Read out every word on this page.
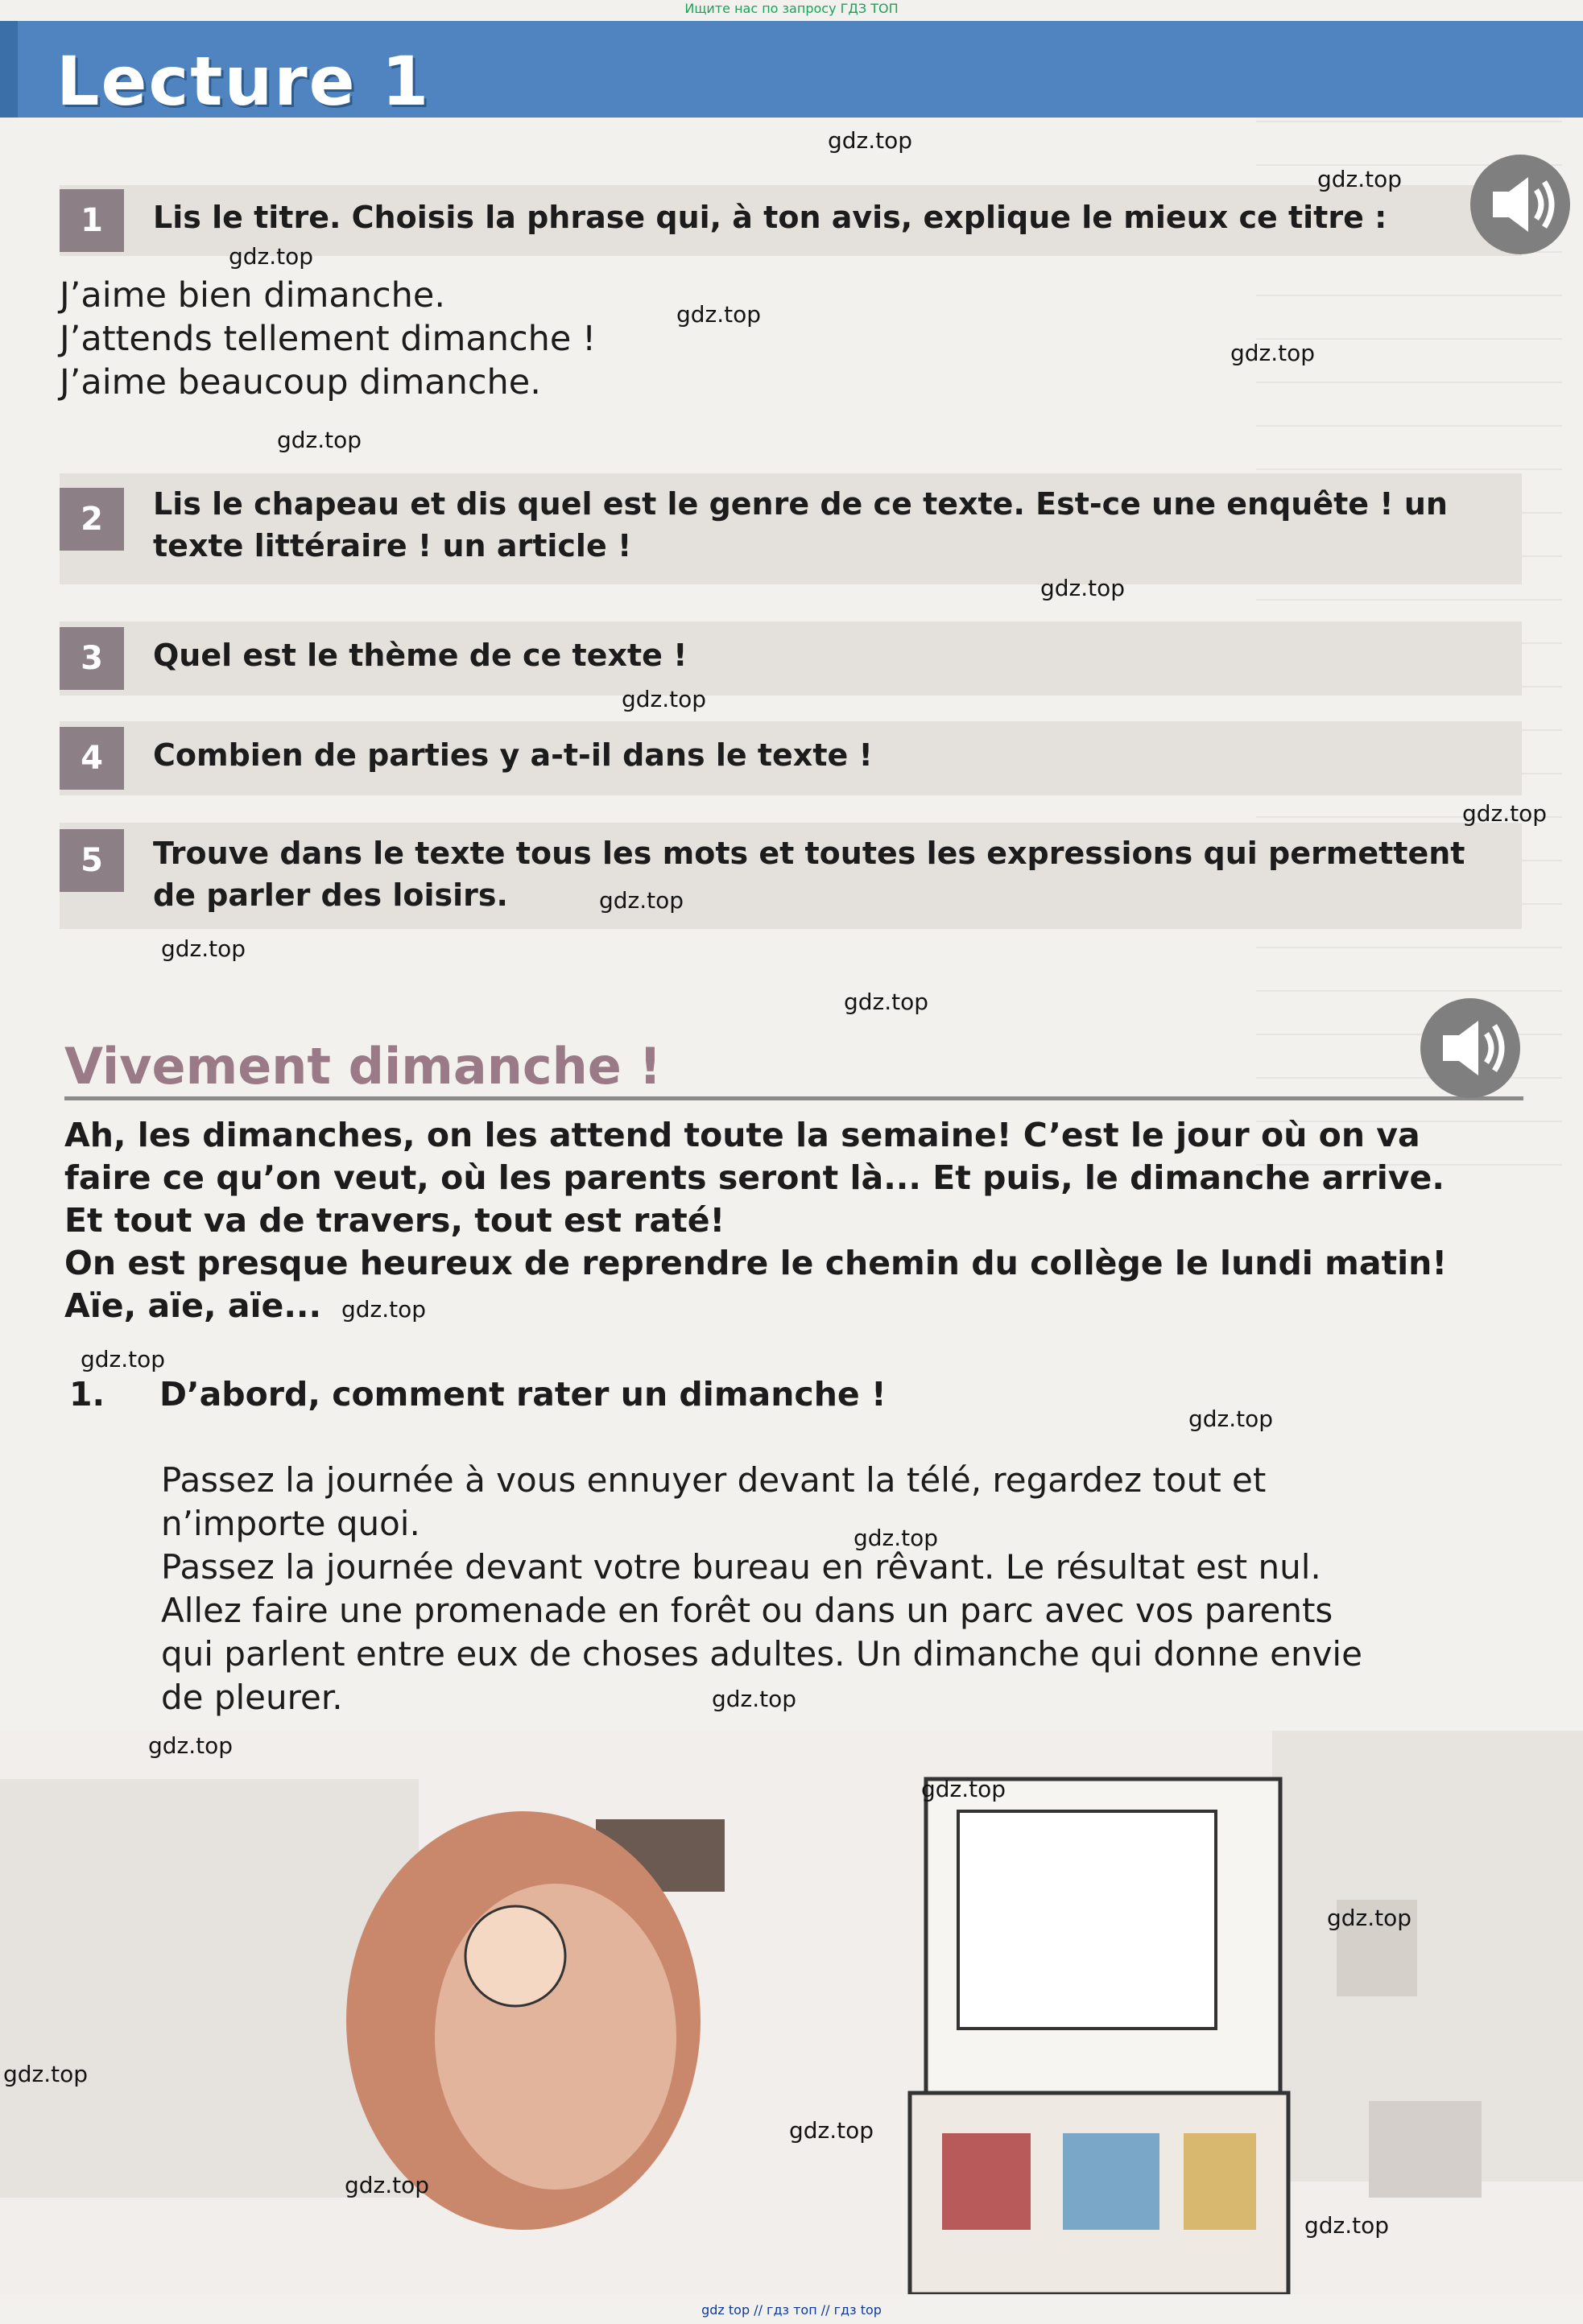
Ищите нас по запросу ГДЗ ТОП
Lecture 1
1	Lis le titre. Choisis la phrase qui, à ton avis, explique le mieux ce titre :
J’aime bien dimanche.
J’attends tellement dimanche !
J’aime beaucoup dimanche.
2	Lis le chapeau et dis quel est le genre de ce texte. Est-ce une enquête ! un texte littéraire ! un article !
3	Quel est le thème de ce texte !
4	Combien de parties y a-t-il dans le texte !
5	Trouve dans le texte tous les mots et toutes les expressions qui permettent de parler des loisirs.
Vivement dimanche !
Ah, les dimanches, on les attend toute la semaine! C’est le jour où on va
faire ce qu’on veut, où les parents seront là... Et puis, le dimanche arrive.
Et tout va de travers, tout est raté!
On est presque heureux de reprendre le chemin du collège le lundi matin!
Aïe, aïe, aïe...
1. D’abord, comment rater un dimanche !
Passez la journée à vous ennuyer devant la télé, regardez tout et
n’importe quoi.
Passez la journée devant votre bureau en rêvant. Le résultat est nul.
Allez faire une promenade en forêt ou dans un parc avec vos parents
qui parlent entre eux de choses adultes. Un dimanche qui donne envie
de pleurer.
gdz.top
gdz.top
gdz.top
gdz.top
gdz.top
gdz.top
gdz.top
gdz.top
gdz.top
gdz.top
gdz.top
gdz.top
gdz.top
gdz.top
gdz.top
gdz.top
gdz.top
gdz.top
gdz.top
gdz.top
gdz.top
gdz.top
gdz.top
gdz.top
gdz top // гдз топ // гдз top
